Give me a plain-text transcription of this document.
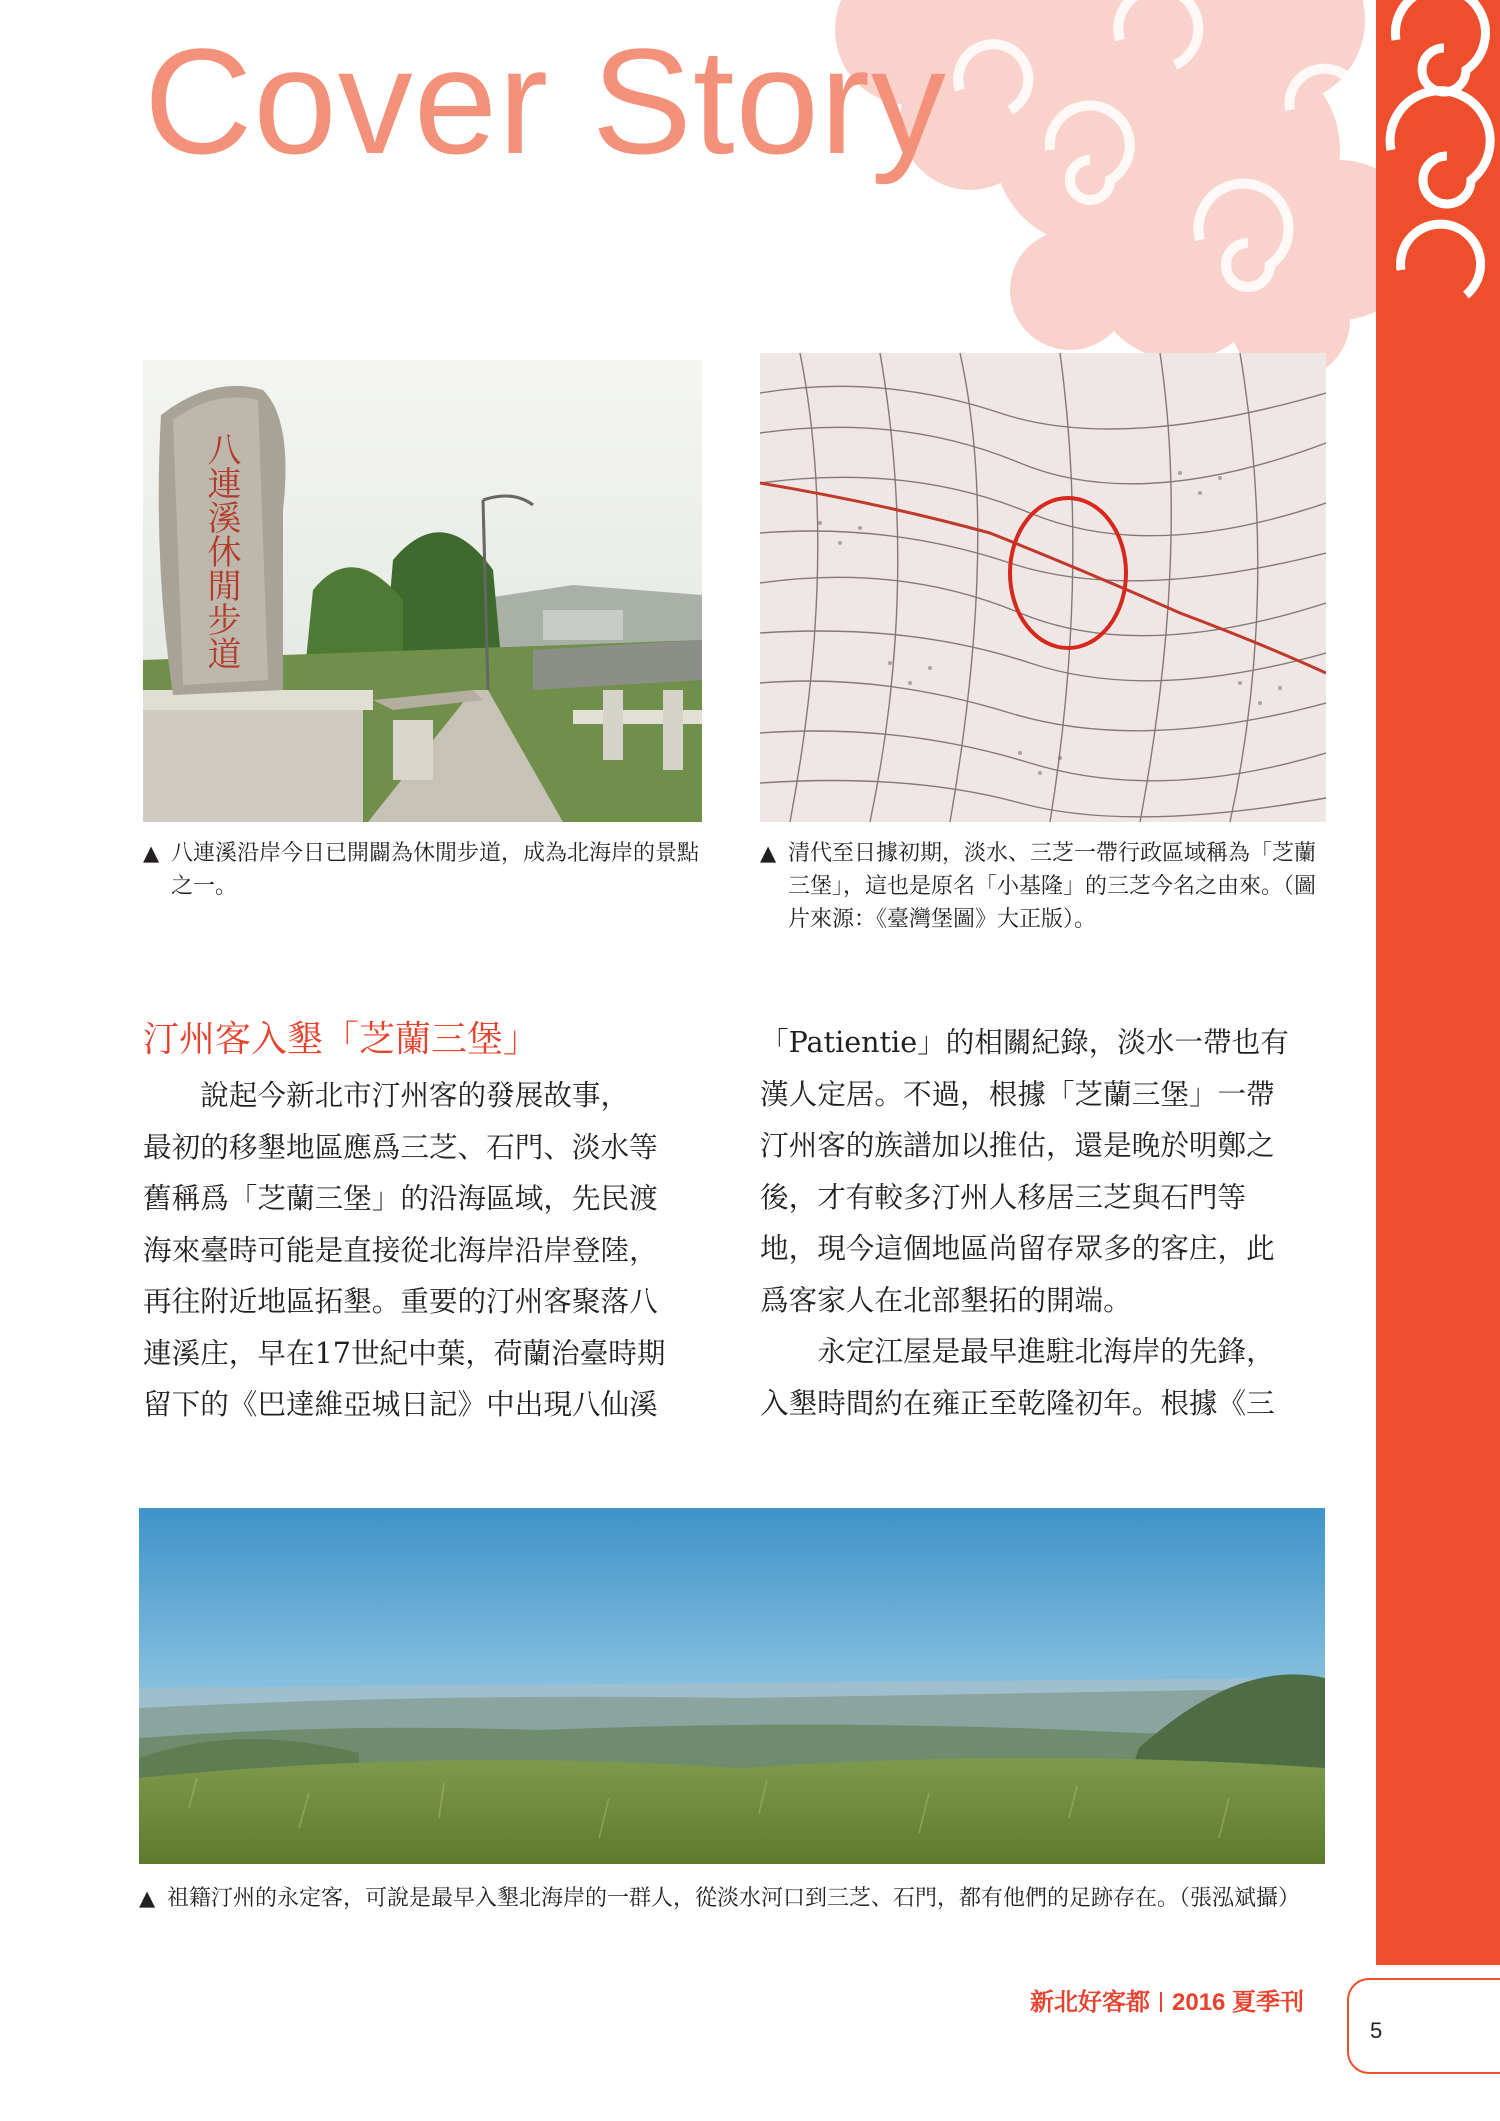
Cover Story
八連溪休閒步道
▲ 八連溪沿岸今日已開闢為休閒步道，成為北海岸的景點之一。
▲ 清代至日據初期，淡水、三芝一帶行政區域稱為「芝蘭三堡」，這也是原名「小基隆」的三芝今名之由來。（圖片來源：《臺灣堡圖》大正版）。
汀州客入墾「芝蘭三堡」
　　說起今新北市汀州客的發展故事，
最初的移墾地區應爲三芝、石門、淡水等
舊稱爲「芝蘭三堡」的沿海區域，先民渡
海來臺時可能是直接從北海岸沿岸登陸，
再往附近地區拓墾。重要的汀州客聚落八
連溪庄，早在17世紀中葉，荷蘭治臺時期
留下的《巴達維亞城日記》中出現八仙溪
「Patientie」的相關紀錄，淡水一帶也有
漢人定居。不過，根據「芝蘭三堡」一帶
汀州客的族譜加以推估，還是晚於明鄭之
後，才有較多汀州人移居三芝與石門等
地，現今這個地區尚留存眾多的客庄，此
爲客家人在北部墾拓的開端。
　　永定江屋是最早進駐北海岸的先鋒，
入墾時間約在雍正至乾隆初年。根據《三
▲ 祖籍汀州的永定客，可說是最早入墾北海岸的一群人，從淡水河口到三芝、石門，都有他們的足跡存在。（張泓斌攝）
新北好客都 2016 夏季刊
5
